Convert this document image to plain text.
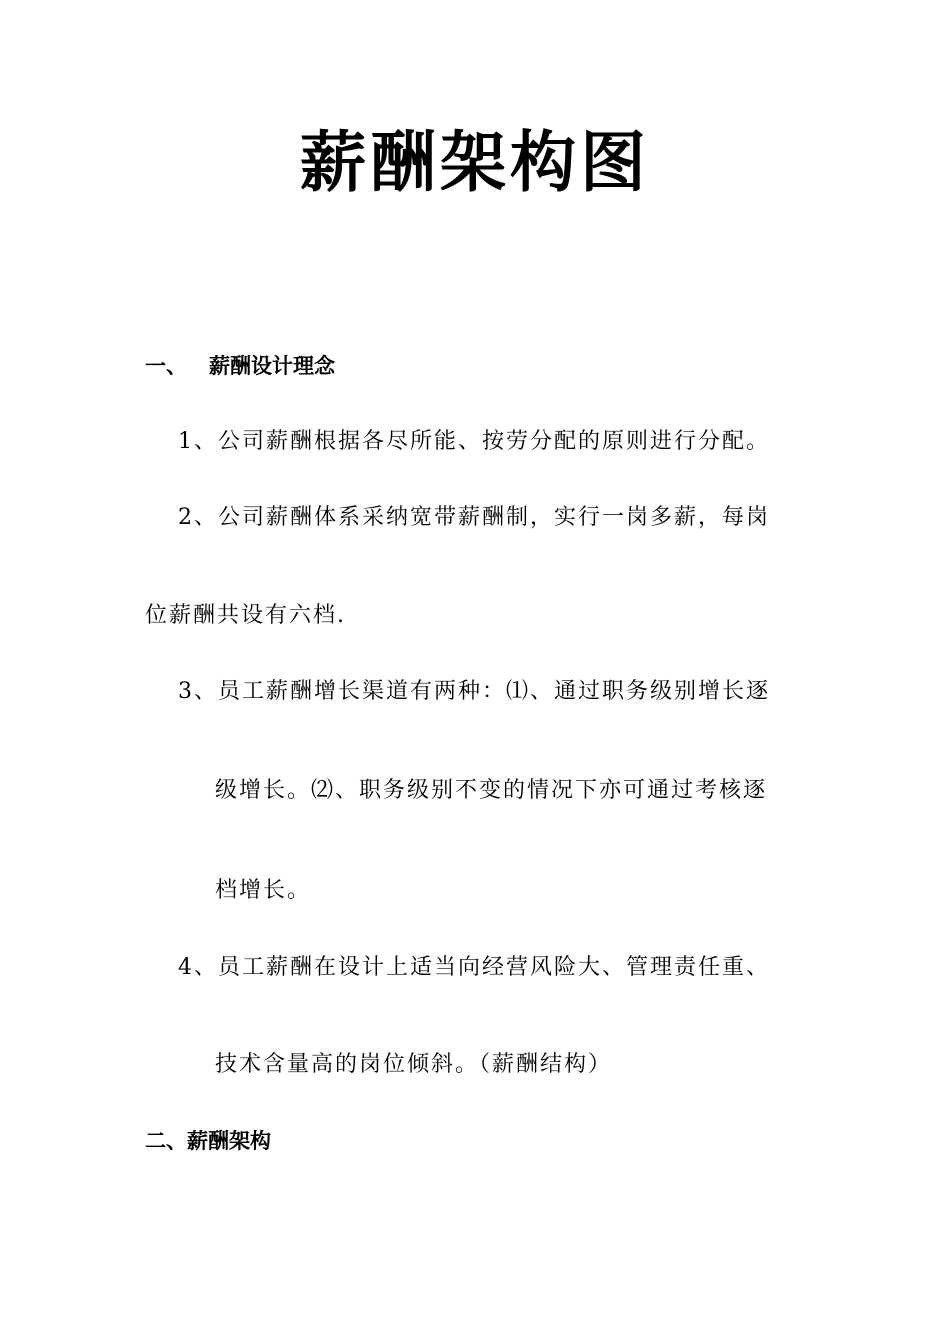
薪酬架构图
一、 薪酬设计理念
1、公司薪酬根据各尽所能、按劳分配的原则进行分配。
2、公司薪酬体系采纳宽带薪酬制，实行一岗多薪，每岗
位薪酬共设有六档.
3、员工薪酬增长渠道有两种：⑴、通过职务级别增长逐
级增长。⑵、职务级别不变的情况下亦可通过考核逐
档增长。
4、员工薪酬在设计上适当向经营风险大、管理责任重、
技术含量高的岗位倾斜。（薪酬结构）
二、薪酬架构
